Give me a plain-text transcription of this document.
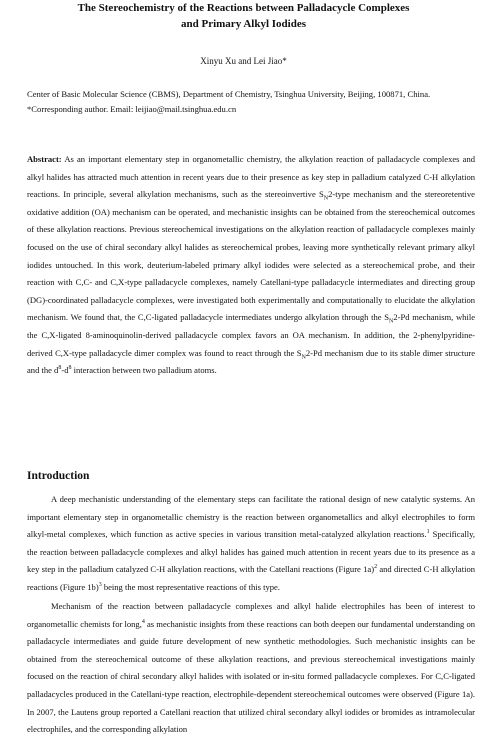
The Stereochemistry of the Reactions between Palladacycle Complexes
and Primary Alkyl Iodides
Xinyu Xu and Lei Jiao*
Center of Basic Molecular Science (CBMS), Department of Chemistry, Tsinghua University, Beijing, 100871, China.
*Corresponding author. Email: leijiao@mail.tsinghua.edu.cn
Abstract: As an important elementary step in organometallic chemistry, the alkylation reaction of palladacycle complexes and alkyl halides has attracted much attention in recent years due to their presence as key step in palladium catalyzed C-H alkylation reactions. In principle, several alkylation mechanisms, such as the stereoinvertive $S_N2$-type mechanism and the stereoretentive oxidative addition (OA) mechanism can be operated, and mechanistic insights can be obtained from the stereochemical outcomes of these alkylation reactions. Previous stereochemical investigations on the alkylation reaction of palladacycle complexes mainly focused on the use of chiral secondary alkyl halides as stereochemical probes, leaving more synthetically relevant primary alkyl iodides untouched. In this work, deuterium-labeled primary alkyl iodides were selected as a stereochemical probe, and their reaction with C,C- and C,X-type palladacycle complexes, namely Catellani-type palladacycle intermediates and directing group (DG)-coordinated palladacycle complexes, were investigated both experimentally and computationally to elucidate the alkylation mechanism. We found that, the C,C-ligated palladacycle intermediates undergo alkylation through the $S_N2-Pd$ mechanism, while the C,X-ligated 8-aminoquinolin-derived palladacycle complex favors an OA mechanism. In addition, the 2-phenylpyridine-derived C,X-type palladacycle dimer complex was found to react through the $S_N2-Pd$ mechanism due to its stable dimer structure and the $d^8-d^8$ interaction between two palladium atoms.
Introduction
A deep mechanistic understanding of the elementary steps can facilitate the rational design of new catalytic systems. An important elementary step in organometallic chemistry is the reaction between organometallics and alkyl electrophiles to form alkyl-metal complexes, which function as active species in various transition metal-catalyzed alkylation reactions.$^1$ Specifically, the reaction between palladacycle complexes and alkyl halides has gained much attention in recent years due to its presence as a key step in the palladium catalyzed C-H alkylation reactions, with the Catellani reactions (Figure 1a)$^2$ and directed C-H alkylation reactions (Figure 1b)$^3$ being the most representative reactions of this type.
Mechanism of the reaction between palladacycle complexes and alkyl halide electrophiles has been of interest to organometallic chemists for long,$^4$ as mechanistic insights from these reactions can both deepen our fundamental understanding on palladacycle intermediates and guide future development of new synthetic methodologies. Such mechanistic insights can be obtained from the stereochemical outcome of these alkylation reactions, and previous stereochemical investigations mainly focused on the reaction of chiral secondary alkyl halides with isolated or in-situ formed palladacycle complexes. For C,C-ligated palladacycles produced in the Catellani-type reaction, electrophile-dependent stereochemical outcomes were observed (Figure 1a). In 2007, the Lautens group reported a Catellani reaction that utilized chiral secondary alkyl iodides or bromides as intramolecular electrophiles, and the corresponding alkylation
